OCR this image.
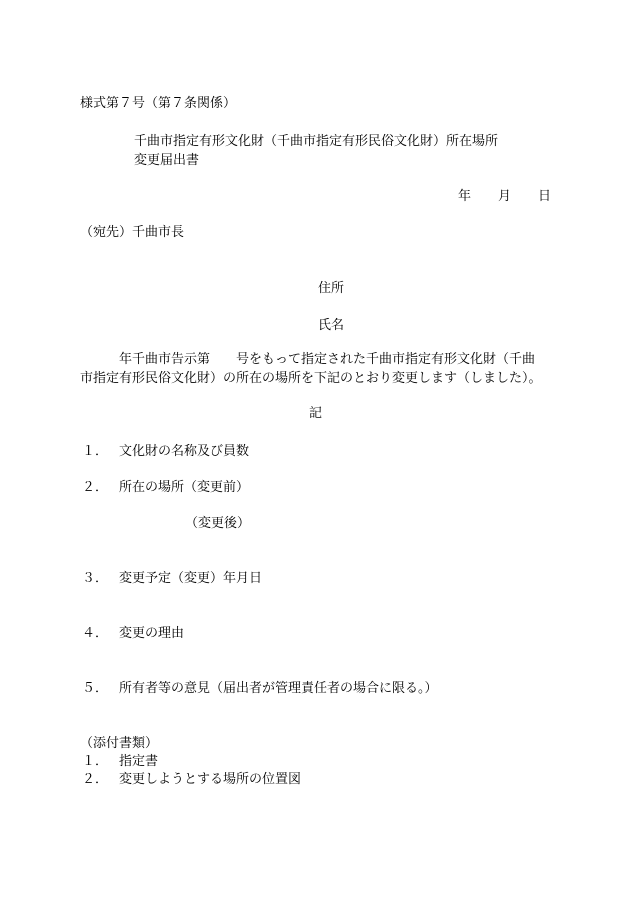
様式第７号（第７条関係）

千曲市指定有形文化財（千曲市指定有形民俗文化財）所在場所

変更届出書

年 月 日

（宛先）千曲市長

住所

氏名

年千曲市告示第　　号をもって指定された千曲市指定有形文化財（千曲

市指定有形民俗文化財）の所在の場所を下記のとおり変更します（しました）。

記

１． 文化財の名称及び員数

２． 所在の場所（変更前）

（変更後）

３． 変更予定（変更）年月日

４． 変更の理由

５． 所有者等の意見（届出者が管理責任者の場合に限る。）

（添付書類）

１． 指定書

２． 変更しようとする場所の位置図
